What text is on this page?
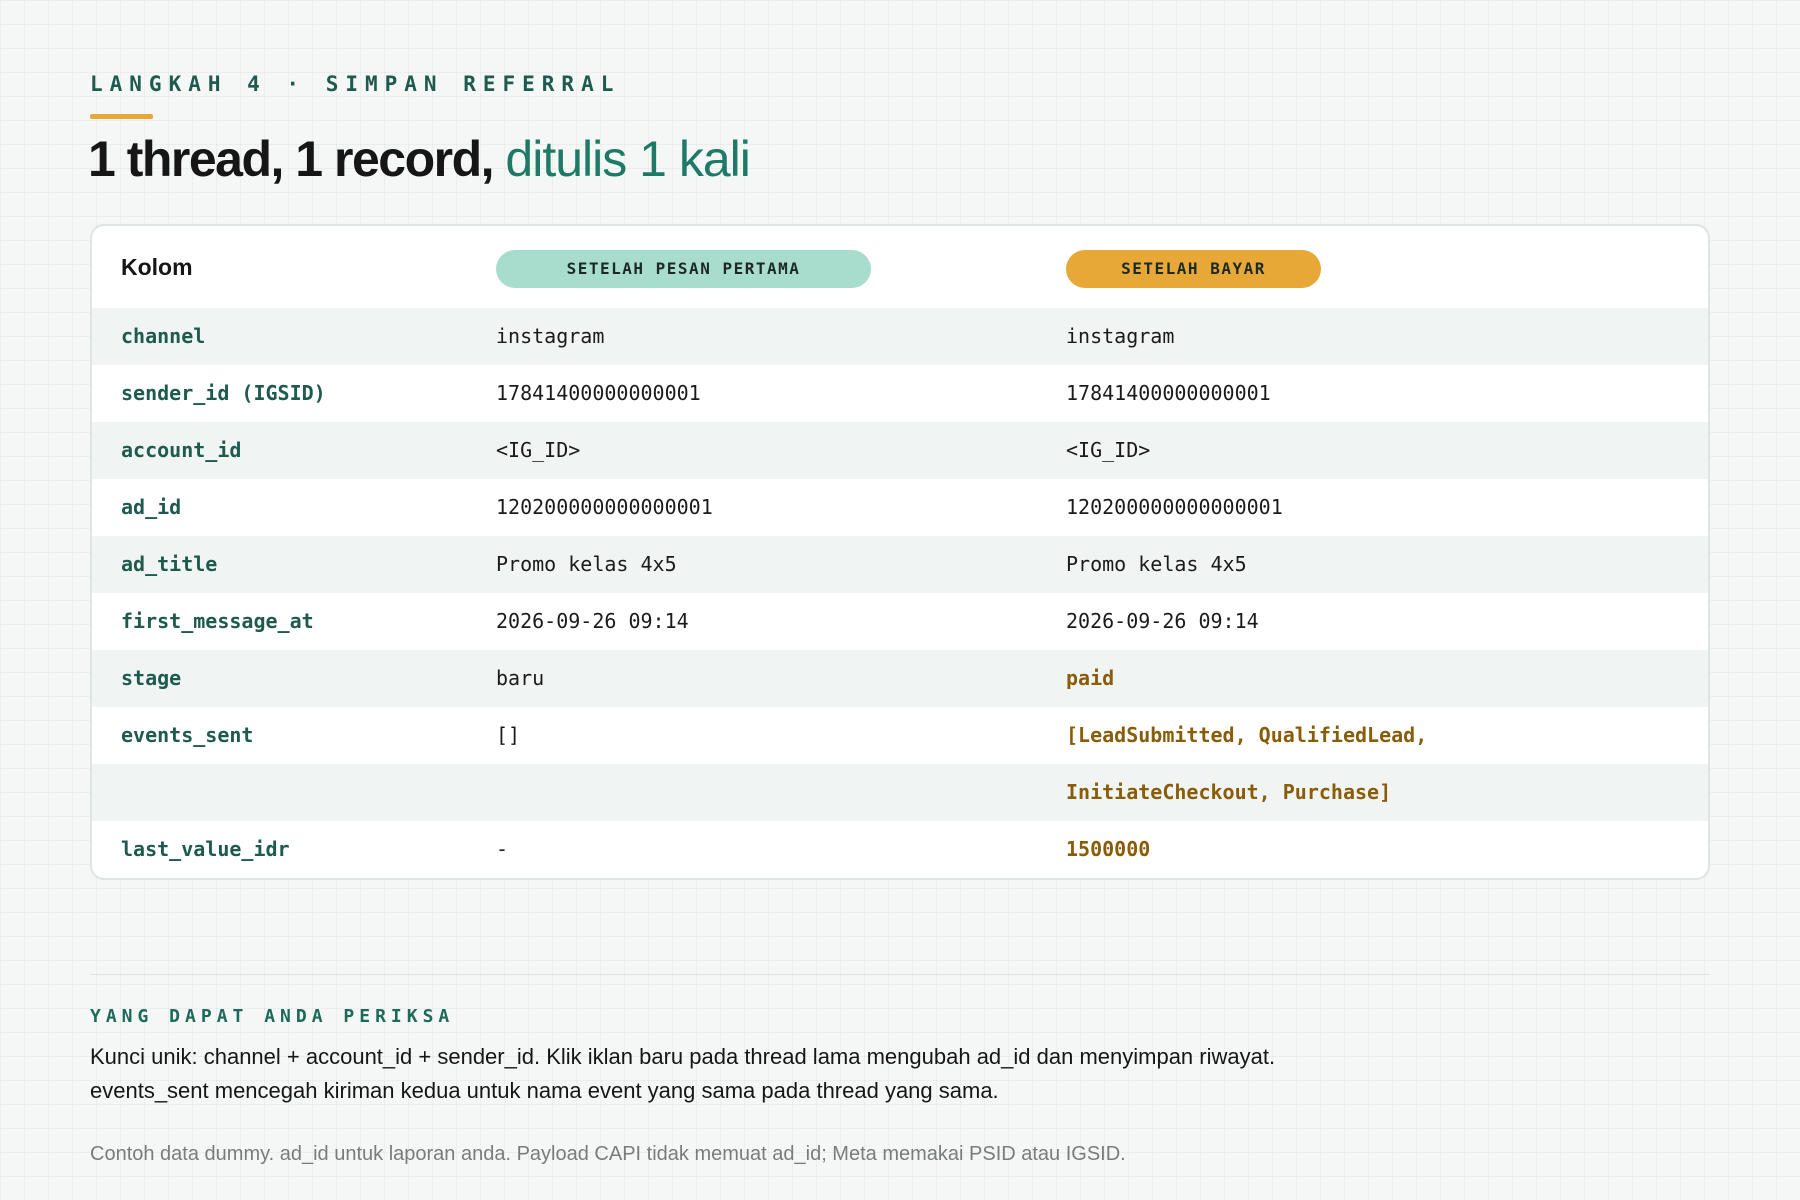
LANGKAH 4 · SIMPAN REFERRAL
1 thread, 1 record, ditulis 1 kali
Kolom	SETELAH PESAN PERTAMA	SETELAH BAYAR
channel	instagram	instagram
sender_id (IGSID)	17841400000000001	17841400000000001
account_id	<IG_ID>	<IG_ID>
ad_id	120200000000000001	120200000000000001
ad_title	Promo kelas 4x5	Promo kelas 4x5
first_message_at	2026-09-26 09:14	2026-09-26 09:14
stage	baru	paid
events_sent	[]	[LeadSubmitted, QualifiedLead,
InitiateCheckout, Purchase]
last_value_idr	-	1500000
YANG DAPAT ANDA PERIKSA

Kunci unik: channel + account_id + sender_id. Klik iklan baru pada thread lama mengubah ad_id dan menyimpan riwayat.

events_sent mencegah kiriman kedua untuk nama event yang sama pada thread yang sama.

Contoh data dummy. ad_id untuk laporan anda. Payload CAPI tidak memuat ad_id; Meta memakai PSID atau IGSID.
